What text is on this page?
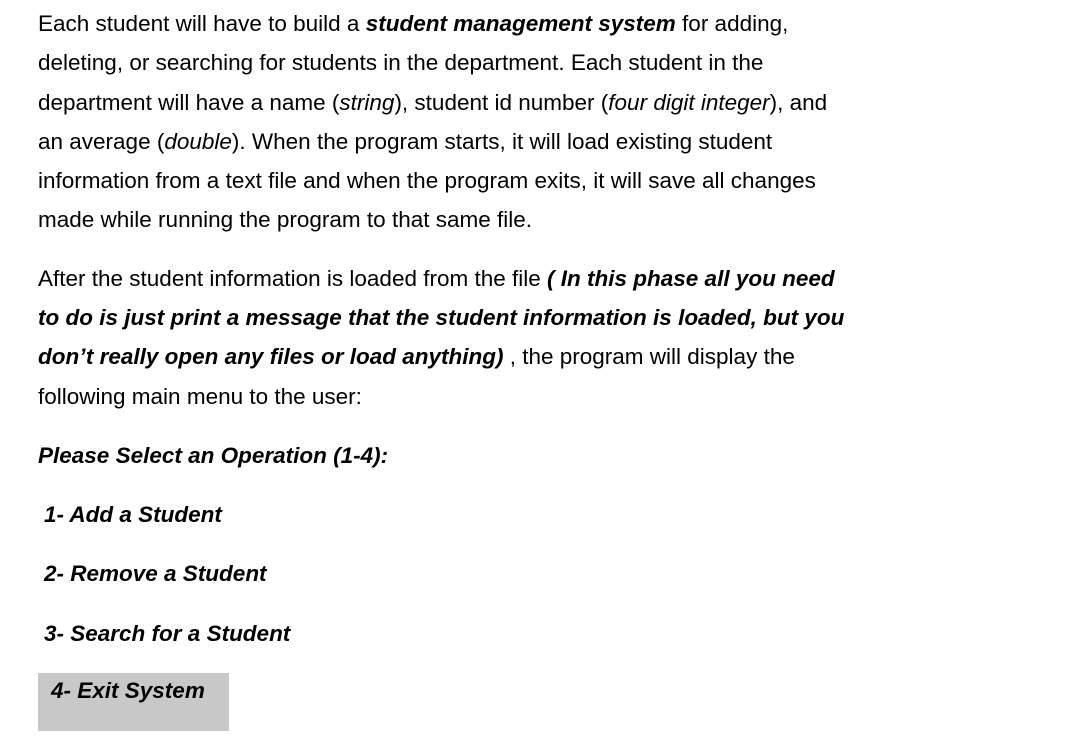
Each student will have to build a student management system for adding,
deleting, or searching for students in the department. Each student in the
department will have a name (string), student id number (four digit integer), and
an average (double). When the program starts, it will load existing student
information from a text file and when the program exits, it will save all changes
made while running the program to that same file.

After the student information is loaded from the file ( In this phase all you need
to do is just print a message that the student information is loaded, but you
don’t really open any files or load anything) , the program will display the
following main menu to the user:

Please Select an Operation (1-4):

1- Add a Student
2- Remove a Student
3- Search for a Student
4- Exit System
